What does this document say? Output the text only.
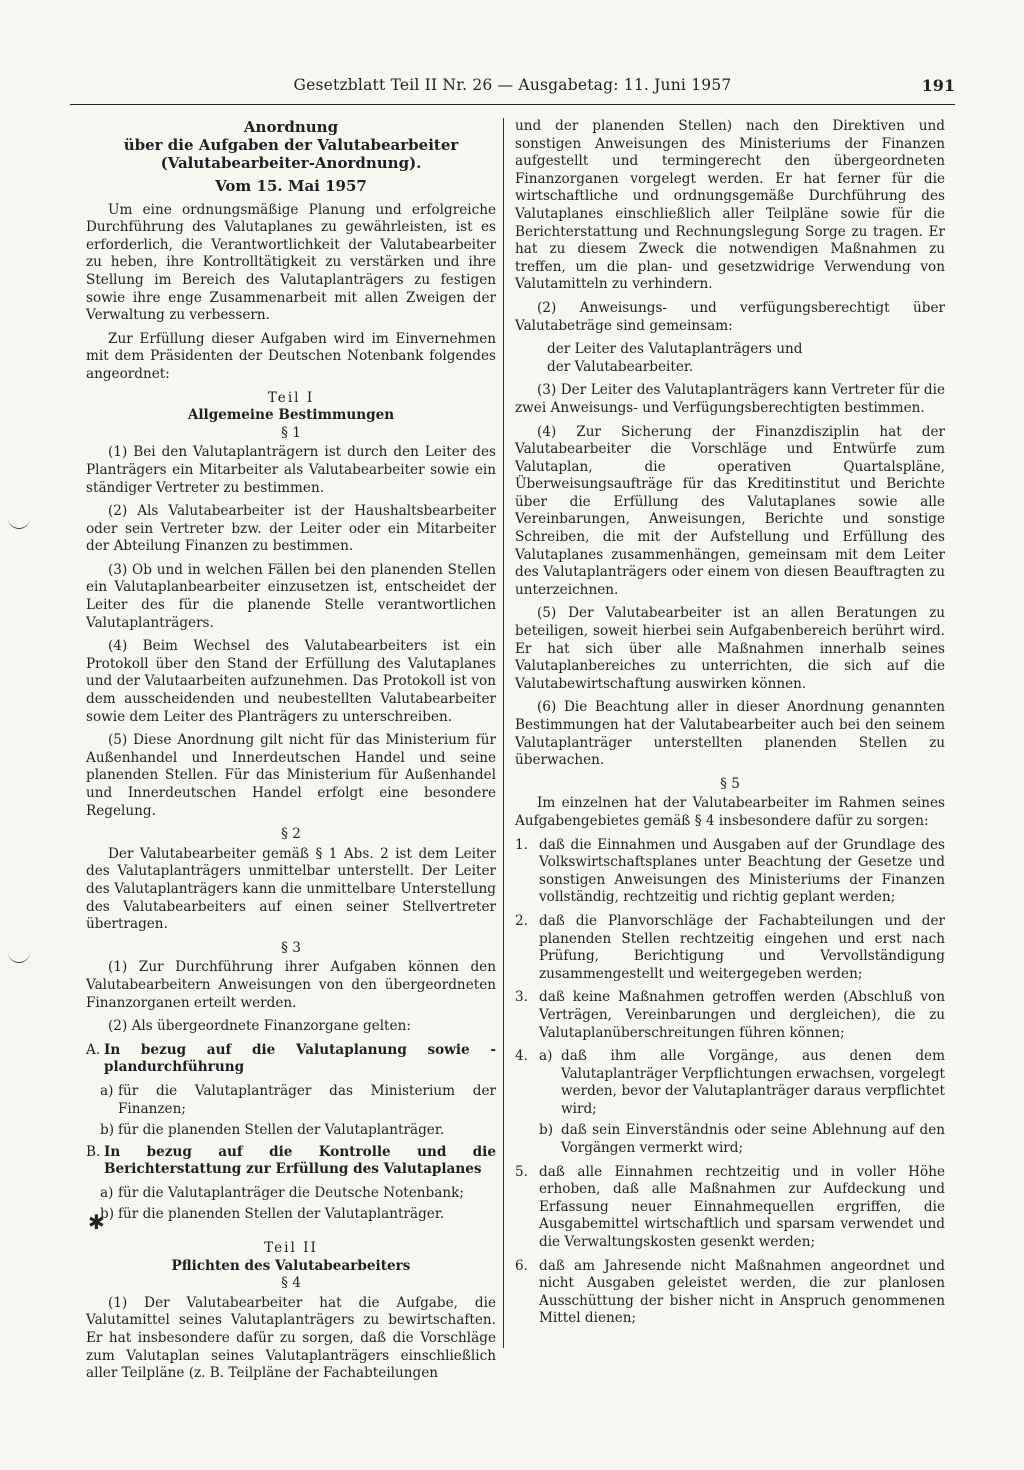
Gesetzblatt Teil II Nr. 26 — Ausgabetag: 11. Juni 1957	191
✱
Anordnung
über die Aufgaben der Valutabearbeiter
(Valutabearbeiter-Anordnung).
Vom 15. Mai 1957

Um eine ordnungsmäßige Planung und erfolgreiche Durchführung des Valutaplanes zu gewährleisten, ist es erforderlich, die Verantwortlichkeit der Valutabearbeiter zu heben, ihre Kontrolltätigkeit zu verstärken und ihre Stellung im Bereich des Valutaplanträgers zu festigen sowie ihre enge Zusammenarbeit mit allen Zweigen der Verwaltung zu verbessern.

Zur Erfüllung dieser Aufgaben wird im Einvernehmen mit dem Präsidenten der Deutschen Notenbank folgendes angeordnet:

Teil I
Allgemeine Bestimmungen
§ 1

(1) Bei den Valutaplanträgern ist durch den Leiter des Planträgers ein Mitarbeiter als Valutabearbeiter sowie ein ständiger Vertreter zu bestimmen.

(2) Als Valutabearbeiter ist der Haushaltsbearbeiter oder sein Vertreter bzw. der Leiter oder ein Mitarbeiter der Abteilung Finanzen zu bestimmen.

(3) Ob und in welchen Fällen bei den planenden Stellen ein Valutaplanbearbeiter einzusetzen ist, entscheidet der Leiter des für die planende Stelle verantwortlichen Valutaplanträgers.

(4) Beim Wechsel des Valutabearbeiters ist ein Protokoll über den Stand der Erfüllung des Valutaplanes und der Valutaarbeiten aufzunehmen. Das Protokoll ist von dem ausscheidenden und neubestellten Valutabearbeiter sowie dem Leiter des Planträgers zu unterschreiben.

(5) Diese Anordnung gilt nicht für das Ministerium für Außenhandel und Innerdeutschen Handel und seine planenden Stellen. Für das Ministerium für Außenhandel und Innerdeutschen Handel erfolgt eine besondere Regelung.

§ 2

Der Valutabearbeiter gemäß § 1 Abs. 2 ist dem Leiter des Valutaplanträgers unmittelbar unterstellt. Der Leiter des Valutaplanträgers kann die unmittelbare Unterstellung des Valutabearbeiters auf einen seiner Stellvertreter übertragen.

§ 3

(1) Zur Durchführung ihrer Aufgaben können den Valutabearbeitern Anweisungen von den übergeordneten Finanzorganen erteilt werden.

(2) Als übergeordnete Finanzorgane gelten:

A. In bezug auf die Valutaplanung sowie -plandurchführung
a) für die Valutaplanträger das Ministerium der Finanzen;
b) für die planenden Stellen der Valutaplanträger.
B. In bezug auf die Kontrolle und die Berichterstattung zur Erfüllung des Valutaplanes
a) für die Valutaplanträger die Deutsche Notenbank;
b) für die planenden Stellen der Valutaplanträger.
Teil II
Pflichten des Valutabearbeiters
§ 4

(1) Der Valutabearbeiter hat die Aufgabe, die Valutamittel seines Valutaplanträgers zu bewirtschaften. Er hat insbesondere dafür zu sorgen, daß die Vorschläge zum Valutaplan seines Valutaplanträgers einschließlich aller Teilpläne (z. B. Teilpläne der Fachabteilungen

und der planenden Stellen) nach den Direktiven und sonstigen Anweisungen des Ministeriums der Finanzen aufgestellt und termingerecht den übergeordneten Finanzorganen vorgelegt werden. Er hat ferner für die wirtschaftliche und ordnungsgemäße Durchführung des Valutaplanes einschließlich aller Teilpläne sowie für die Berichterstattung und Rechnungslegung Sorge zu tragen. Er hat zu diesem Zweck die notwendigen Maßnahmen zu treffen, um die plan- und gesetzwidrige Verwendung von Valutamitteln zu verhindern.

(2) Anweisungs- und verfügungsberechtigt über Valutabeträge sind gemeinsam:

der Leiter des Valutaplanträgers und
der Valutabearbeiter.

(3) Der Leiter des Valutaplanträgers kann Vertreter für die zwei Anweisungs- und Verfügungsberechtigten bestimmen.

(4) Zur Sicherung der Finanzdisziplin hat der Valutabearbeiter die Vorschläge und Entwürfe zum Valutaplan, die operativen Quartalspläne, Überweisungsaufträge für das Kreditinstitut und Berichte über die Erfüllung des Valutaplanes sowie alle Vereinbarungen, Anweisungen, Berichte und sonstige Schreiben, die mit der Aufstellung und Erfüllung des Valutaplanes zusammenhängen, gemeinsam mit dem Leiter des Valutaplanträgers oder einem von diesen Beauftragten zu unterzeichnen.

(5) Der Valutabearbeiter ist an allen Beratungen zu beteiligen, soweit hierbei sein Aufgabenbereich berührt wird. Er hat sich über alle Maßnahmen innerhalb seines Valutaplanbereiches zu unterrichten, die sich auf die Valutabewirtschaftung auswirken können.

(6) Die Beachtung aller in dieser Anordnung genannten Bestimmungen hat der Valutabearbeiter auch bei den seinem Valutaplanträger unterstellten planenden Stellen zu überwachen.

§ 5

Im einzelnen hat der Valutabearbeiter im Rahmen seines Aufgabengebietes gemäß § 4 insbesondere dafür zu sorgen:

1. daß die Einnahmen und Ausgaben auf der Grundlage des Volkswirtschaftsplanes unter Beachtung der Gesetze und sonstigen Anweisungen des Ministeriums der Finanzen vollständig, rechtzeitig und richtig geplant werden;
2. daß die Planvorschläge der Fachabteilungen und der planenden Stellen rechtzeitig eingehen und erst nach Prüfung, Berichtigung und Vervollständigung zusammengestellt und weitergegeben werden;
3. daß keine Maßnahmen getroffen werden (Abschluß von Verträgen, Vereinbarungen und dergleichen), die zu Valutaplanüberschreitungen führen können;
4. a) daß ihm alle Vorgänge, aus denen dem Valutaplanträger Verpflichtungen erwachsen, vorgelegt werden, bevor der Valutaplanträger daraus verpflichtet wird;
b) daß sein Einverständnis oder seine Ablehnung auf den Vorgängen vermerkt wird;
5. daß alle Einnahmen rechtzeitig und in voller Höhe erhoben, daß alle Maßnahmen zur Aufdeckung und Erfassung neuer Einnahmequellen ergriffen, die Ausgabemittel wirtschaftlich und sparsam verwendet und die Verwaltungskosten gesenkt werden;
6. daß am Jahresende nicht Maßnahmen angeordnet und nicht Ausgaben geleistet werden, die zur planlosen Ausschüttung der bisher nicht in Anspruch genommenen Mittel dienen;
